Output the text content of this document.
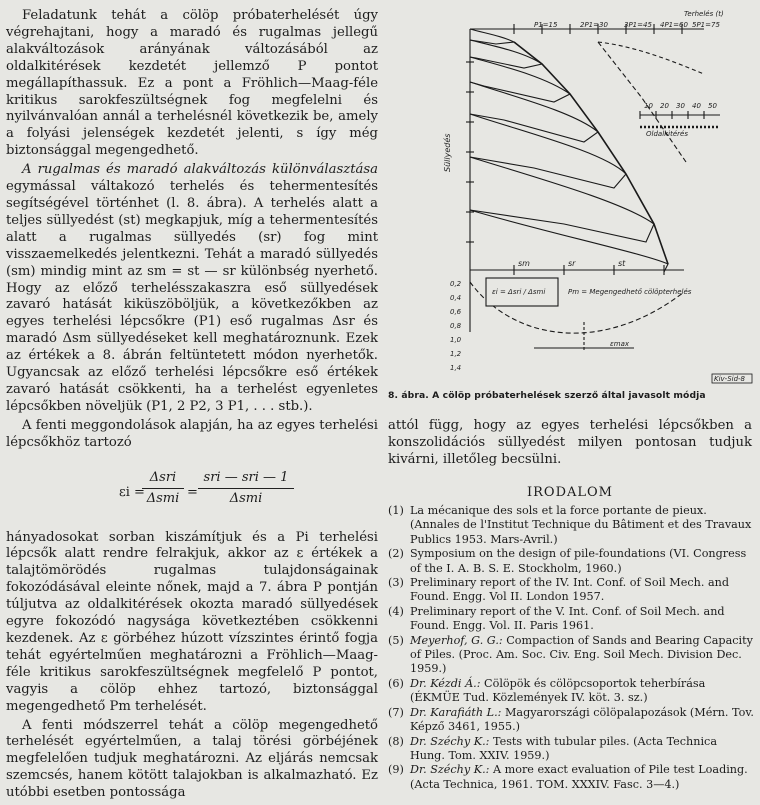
Feladatunk tehát a cölöp próbaterhelését úgy végrehajtani, hogy a maradó és rugalmas jellegű alakváltozások arányának változásából az oldalkitérések kezdetét jellemző P pontot megállapíthassuk. Ez a pont a Fröhlich—Maag-féle kritikus sarokfeszültségnek fog megfelelni és nyilvánvalóan annál a terhelésnél következik be, amely a folyási jelenségek kezdetét jelenti, s így még biztonsággal megengedhető.

A rugalmas és maradó alakváltozás különválasztása egymással váltakozó terhelés és tehermentesítés segítségével történhet (l. 8. ábra). A terhelés alatt a teljes süllyedést (st) megkapjuk, míg a tehermentesítés alatt a rugalmas süllyedés (sr) fog mint visszaemelkedés jelentkezni. Tehát a maradó süllyedés (sm) mindig mint az sm = st — sr különbség nyerhető. Hogy az előző terhelésszakaszra eső süllyedések zavaró hatását kiküszöböljük, a következőkben az egyes terhelési lépcsőkre (P1) eső rugalmas Δsr és maradó Δsm süllyedéseket kell meghatároznunk. Ezek az értékek a 8. ábrán feltüntetett módon nyerhetők. Ugyancsak az előző terhelési lépcsőkre eső értékek zavaró hatását csökkenti, ha a terhelést egyenletes lépcsőkben növeljük (P1, 2 P2, 3 P1, . . . stb.).

A fenti meggondolások alapján, ha az egyes terhelési lépcsőkhöz tartozó

εi =
Δsri
Δsmi =
sri — sri — 1
Δsmi

hányadosokat sorban kiszámítjuk és a Pi terhelési lépcsők alatt rendre felrakjuk, akkor az ε értékek a talajtömörödés rugalmas tulajdonságainak fokozódásával eleinte nőnek, majd a 7. ábra P pontján túljutva az oldalkitérések okozta maradó süllyedések egyre fokozódó nagysága következtében csökkenni kezdenek. Az ε görbéhez húzott vízszintes érintő fogja tehát egyértelműen meghatározni a Fröhlich—Maag-féle kritikus sarokfeszültségnek megfelelő P pontot, vagyis a cölöp ehhez tartozó, biztonsággal megengedhető Pm terhelését.

A fenti módszerrel tehát a cölöp megengedhető terhelését egyértelműen, a talaj törési görbéjének megfelelően tudjuk meghatározni. Az eljárás nemcsak szemcsés, hanem kötött talajokban is alkalmazható. Ez utóbbi esetben pontossága

Terhelés (t)
P1=15	2P1=30 3P1=45 4P1=60 5P1=75
10 20 30 40 50
Oldalkitérés
Süllyedés
εi = Δsri / Δsmi	Pm = Megengedhető cölöpterhelés
sm	sr	st
εmax
Kiv-Sid-8
0,2
0,4
0,6
0,8
1,0
1,2
1,4
8. ábra. A cölöp próbaterhelések szerző által javasolt módja

attól függ, hogy az egyes terhelési lépcsőkben a konszolidációs süllyedést milyen pontosan tudjuk kivárni, illetőleg becsülni.

IRODALOM
(1) La mécanique des sols et la force portante de pieux. (Annales de l'Institut Technique du Bâtiment et des Travaux Publics 1953. Mars-Avril.)
(2) Symposium on the design of pile-foundations (VI. Congress of the I. A. B. S. E. Stockholm, 1960.)
(3) Preliminary report of the IV. Int. Conf. of Soil Mech. and Found. Engg. Vol II. London 1957.
(4) Preliminary report of the V. Int. Conf. of Soil Mech. and Found. Engg. Vol. II. Paris 1961.
(5) Meyerhof, G. G.: Compaction of Sands and Bearing Capacity of Piles. (Proc. Am. Soc. Civ. Eng. Soil Mech. Division Dec. 1959.)
(6) Dr. Kézdi Á.: Cölöpök és cölöpcsoportok teherbírása (ÉKMÜE Tud. Közlemények IV. köt. 3. sz.)
(7) Dr. Karafiáth L.: Magyarországi cölöpalapozások (Mérn. Tov. Képző 3461, 1955.)
(8) Dr. Széchy K.: Tests with tubular piles. (Acta Technica Hung. Tom. XXIV. 1959.)
(9) Dr. Széchy K.: A more exact evaluation of Pile test Loading. (Acta Technica, 1961. TOM. XXXIV. Fasc. 3—4.)
